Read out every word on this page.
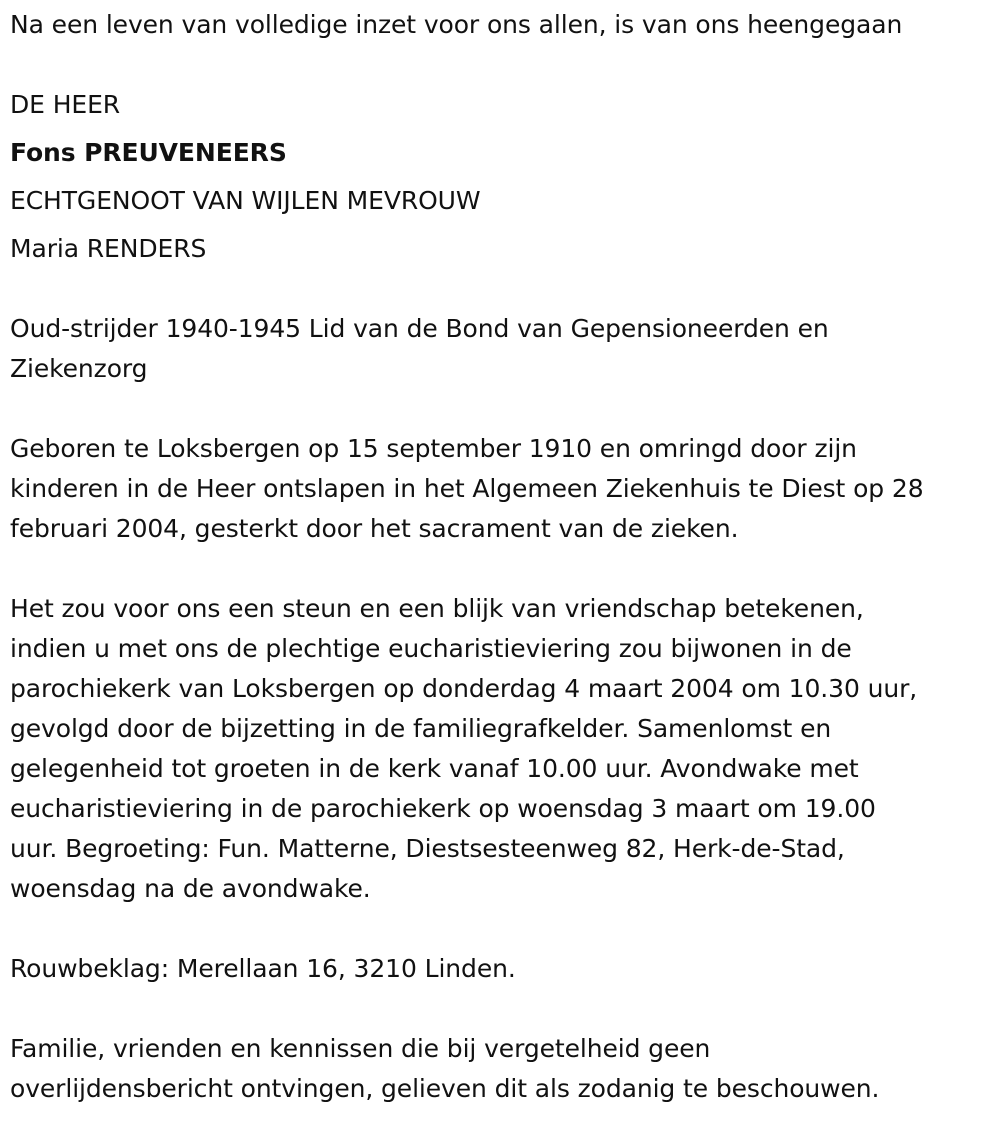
Na een leven van volledige inzet voor ons allen, is van ons heengegaan
DE HEER
Fons PREUVENEERS
ECHTGENOOT VAN WIJLEN MEVROUW
Maria RENDERS
Oud-strijder 1940-1945 Lid van de Bond van Gepensioneerden en
Ziekenzorg
Geboren te Loksbergen op 15 september 1910 en omringd door zijn
kinderen in de Heer ontslapen in het Algemeen Ziekenhuis te Diest op 28
februari 2004, gesterkt door het sacrament van de zieken.
Het zou voor ons een steun en een blijk van vriendschap betekenen,
indien u met ons de plechtige eucharistieviering zou bijwonen in de
parochiekerk van Loksbergen op donderdag 4 maart 2004 om 10.30 uur,
gevolgd door de bijzetting in de familiegrafkelder. Samenlomst en
gelegenheid tot groeten in de kerk vanaf 10.00 uur. Avondwake met
eucharistieviering in de parochiekerk op woensdag 3 maart om 19.00
uur. Begroeting: Fun. Matterne, Diestsesteenweg 82, Herk-de-Stad,
woensdag na de avondwake.
Rouwbeklag: Merellaan 16, 3210 Linden.
Familie, vrienden en kennissen die bij vergetelheid geen
overlijdensbericht ontvingen, gelieven dit als zodanig te beschouwen.
